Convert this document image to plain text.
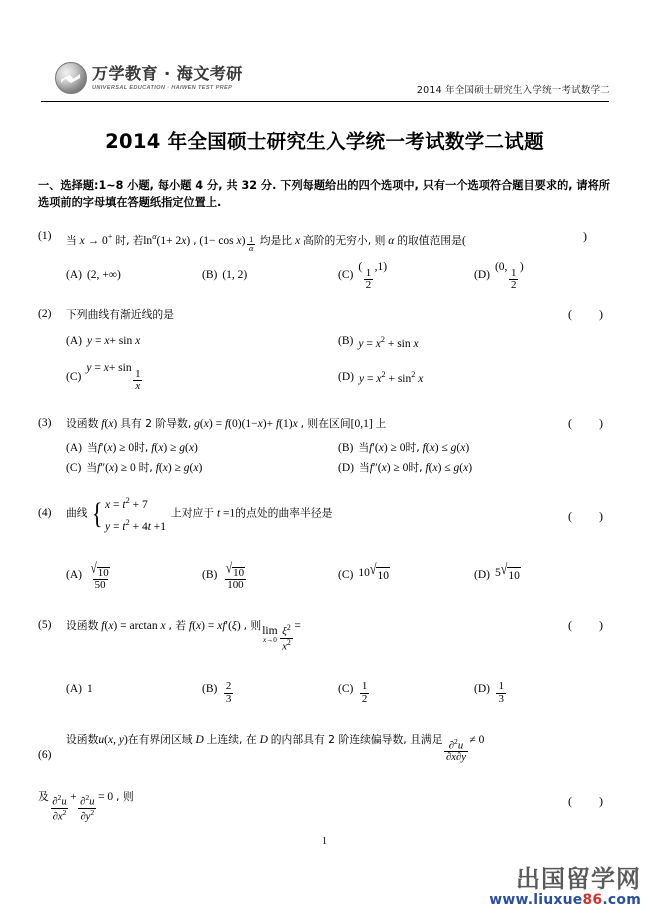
万学教育 · 海文考研
UNIVERSAL EDUCATION · HAIWEN TEST PREP	2014 年全国硕士研究生入学统一考试数学二
2014 年全国硕士研究生入学统一考试数学二试题
一、选择题:1~8 小题, 每小题 4 分, 共 32 分. 下列每题给出的四个选项中, 只有一个选项符合题目要求的, 请将所选项前的字母填在答题纸指定位置上.
(1)	当 x → 0+ 时, 若$\ln^\alpha(1+ 2x)$ , $(1- \cos x) \frac{1}{\alpha}$ 均是比 x 高阶的无穷小, 则 α 的取值范围是(	)
(A) (2, +∞)	(B) (1, 2)	(C)
(
$\frac{1}{2}$
,1)
(D)
(0,
$\frac{1}{2}$
)
(2)	下列曲线有渐近线的是	( )
(A) y = x+ sin x	(B) $y = x^2 + \sin x$
(C)
y = x+ sin
$\frac{1}{x}$	(D) $y = x^2 + \sin^2 x$
(3)	设函数 f(x) 具有 2 阶导数, g(x) = f(0)(1−x)+ f(1)x , 则在区间[0,1] 上	( )
(A) 当f′(x) ≥ 0时, f(x) ≥ g(x)	(B) 当f′(x) ≥ 0时, f(x) ≤ g(x)
(C) 当f″(x) ≥ 0 时, f(x) ≥ g(x)	(D) 当f″(x) ≥ 0时, f(x) ≤ g(x)
(4)	曲线 { $x = t^2 + 7$
$y = t^2 + 4t +1$
上对应于 t =1的点处的曲率半径是	( )
$(A) \frac{√ 10}{50}$	$(B) \frac{√ 10}{100}$	(C) 10 √ 10	(D) 5 √ 10
(5)	设函数 f(x) = arctan x , 若 f(x) = xf′(ξ) , 则 lim
$x\to 0 \frac{\xi^2}{x^2}$ =	( )
(A) 1	$(B) \frac{2}{3}$	$(C) \frac{1}{2}$	$(D) \frac{1}{3}$
(6)
设函数u(x, y)在有界闭区域 D 上连续, 在 D 的内部具有 2 阶连续偏导数, 且满足 $\frac{\partial^2u}{\partial x\partial y} \ne 0$
及 $\frac{\partial^2u}{\partial x^2} + \frac{\partial^2u}{\partial y^2} = 0$ , 则	( )
1
出国留学网
www.liuxue86.com
